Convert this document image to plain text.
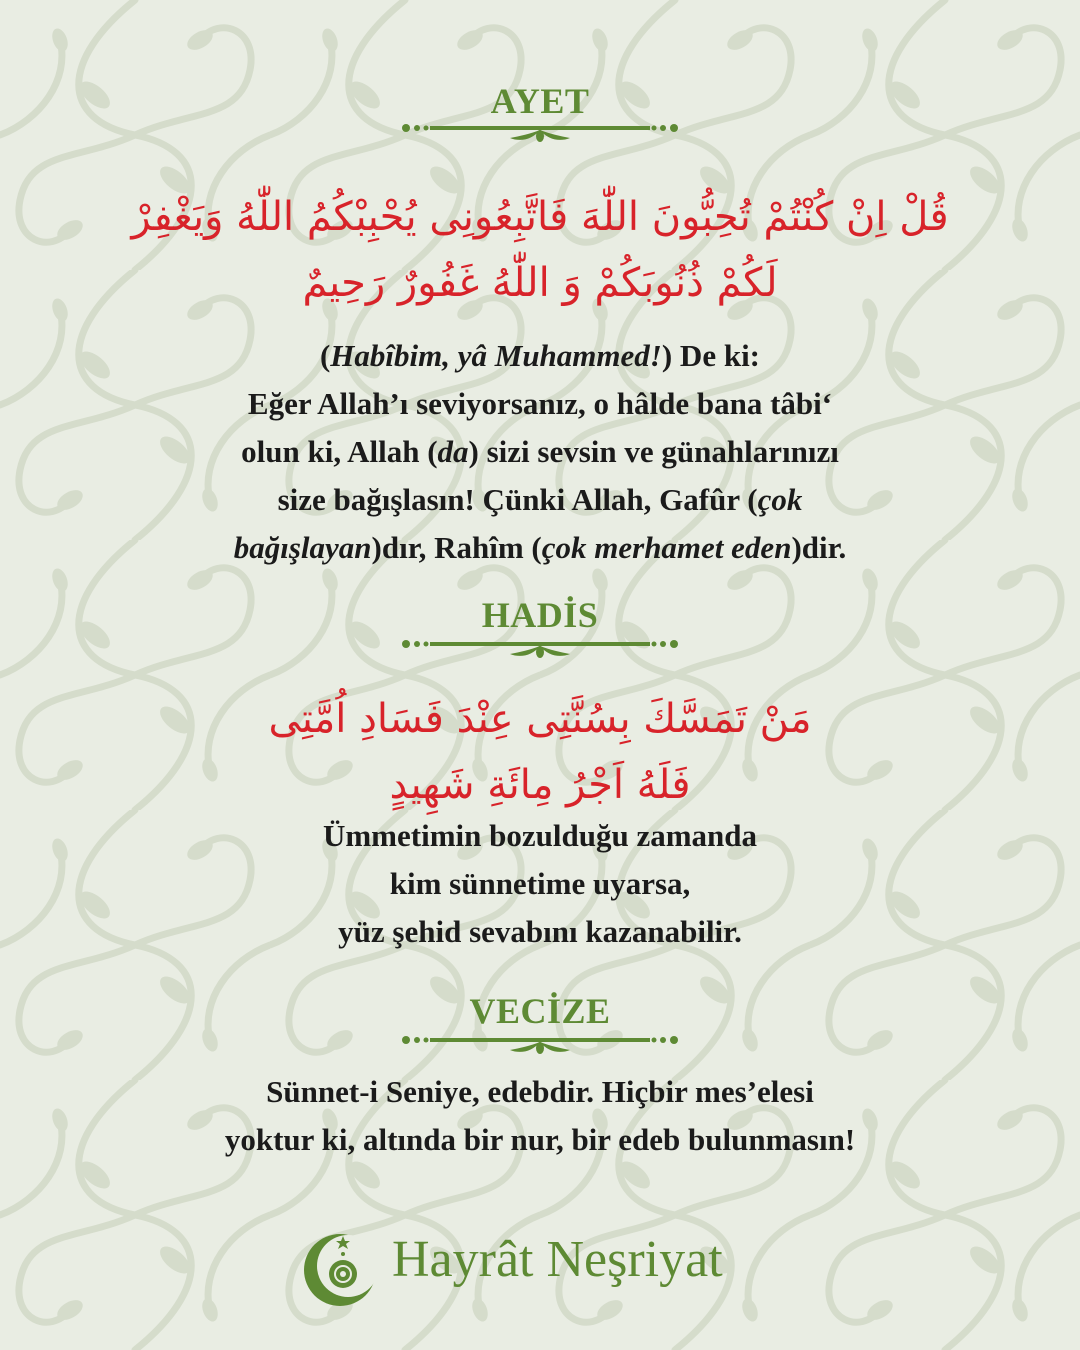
AYET
قُلْ اِنْ كُنْتُمْ تُحِبُّونَ اللّٰهَ فَاتَّبِعُونِى يُحْبِبْكُمُ اللّٰهُ وَيَغْفِرْ
لَكُمْ ذُنُوبَكُمْ وَ اللّٰهُ غَفُورٌ رَحِيمٌ

(Habîbim, yâ Muhammed!) De ki:

Eğer Allah’ı seviyorsanız, o hâlde bana tâbi‘

olun ki, Allah (da) sizi sevsin ve günahlarınızı

size bağışlasın! Çünki Allah, Gafûr (çok

bağışlayan)dır, Rahîm (çok merhamet eden)dir.

HADİS
مَنْ تَمَسَّكَ بِسُنَّتِى عِنْدَ فَسَادِ اُمَّتِى
فَلَهُ اَجْرُ مِائَةِ شَهِيدٍ

Ümmetimin bozulduğu zamanda

kim sünnetime uyarsa,

yüz şehid sevabını kazanabilir.

VECİZE

Sünnet-i Seniye, edebdir. Hiçbir mes’elesi

yoktur ki, altında bir nur, bir edeb bulunmasın!

Hayrât Neşriyat
